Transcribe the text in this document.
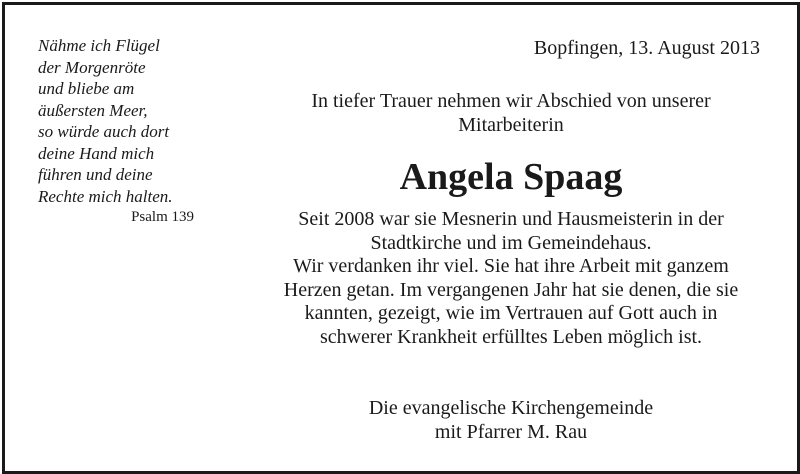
Nähme ich Flügel
der Morgenröte
und bliebe am
äußersten Meer,
so würde auch dort
deine Hand mich
führen und deine
Rechte mich halten.
Psalm 139
Bopfingen, 13. August 2013
In tiefer Trauer nehmen wir Abschied von unserer
Mitarbeiterin
Angela Spaag
Seit 2008 war sie Mesnerin und Hausmeisterin in der
Stadtkirche und im Gemeindehaus.
Wir verdanken ihr viel. Sie hat ihre Arbeit mit ganzem
Herzen getan. Im vergangenen Jahr hat sie denen, die sie
kannten, gezeigt, wie im Vertrauen auf Gott auch in
schwerer Krankheit erfülltes Leben möglich ist.
Die evangelische Kirchengemeinde
mit Pfarrer M. Rau
